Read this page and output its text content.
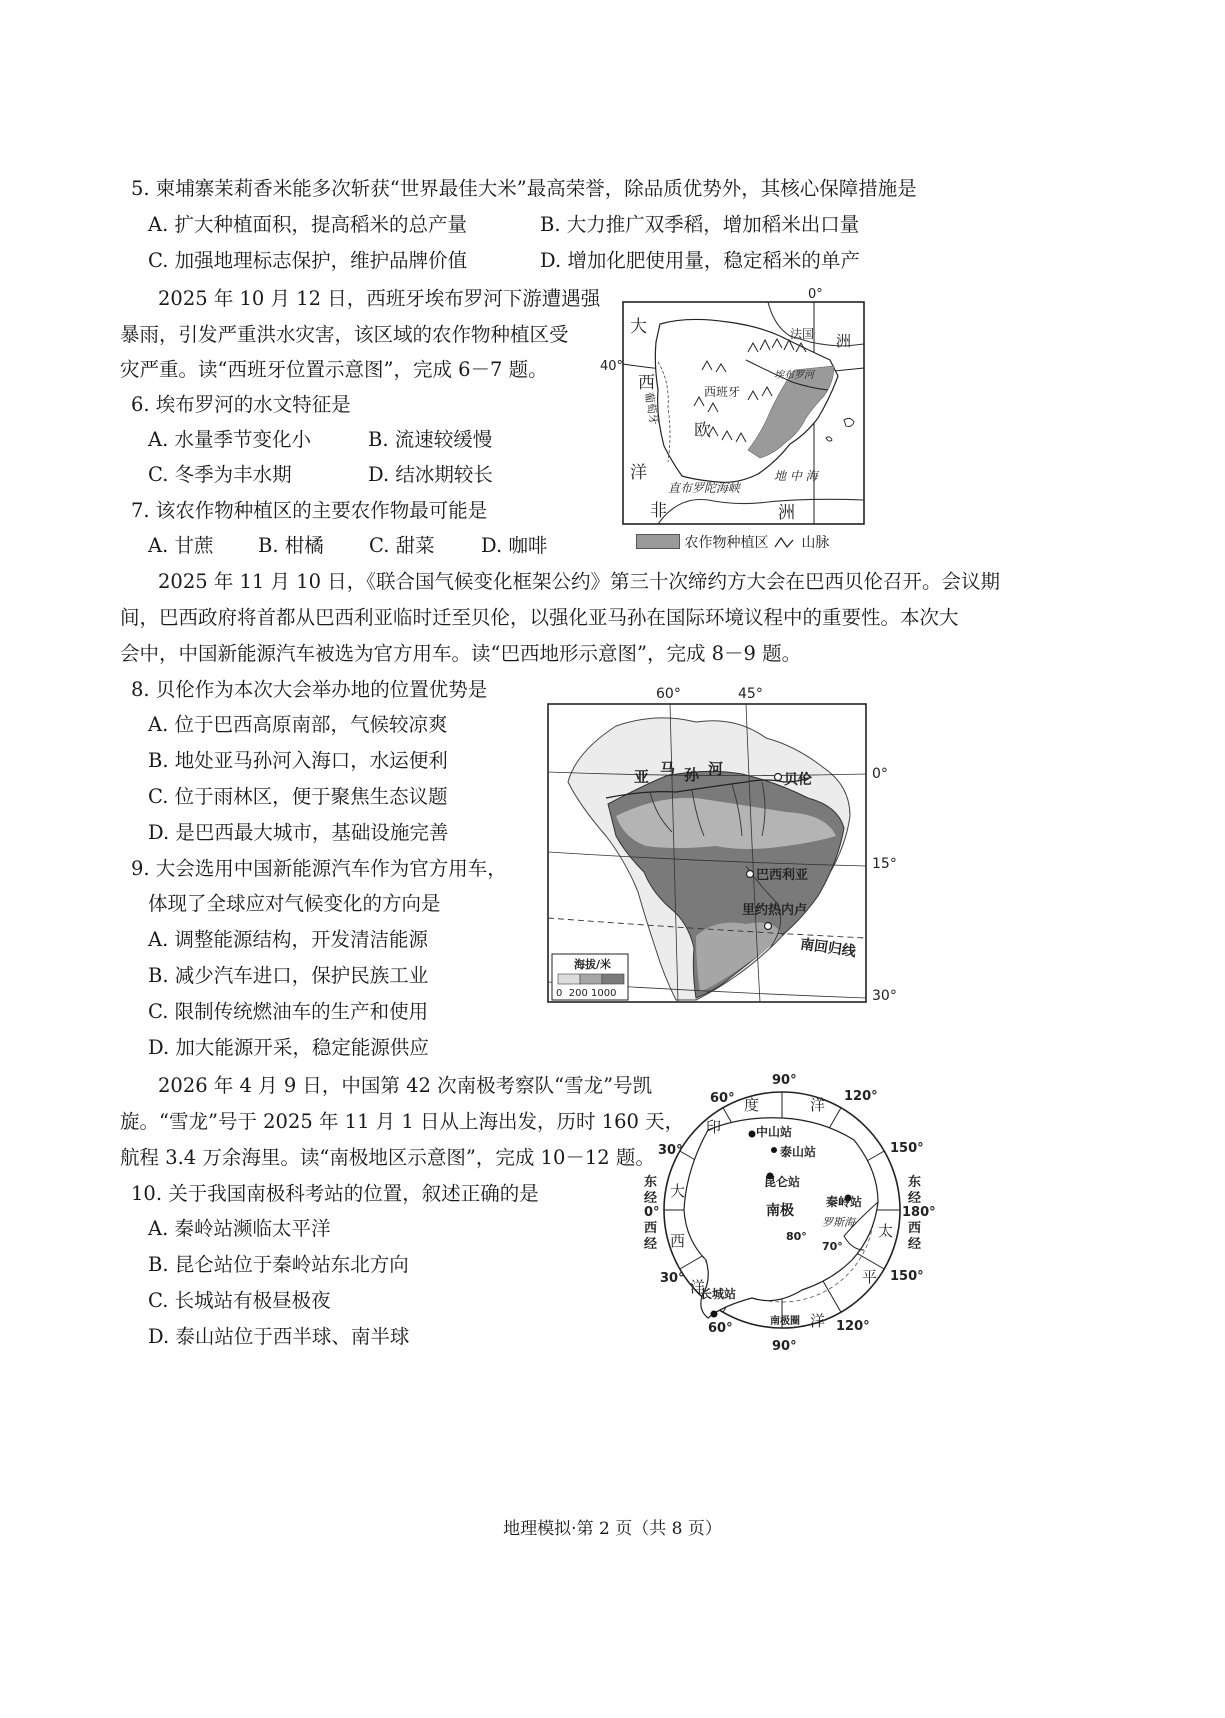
5. 柬埔寨茉莉香米能多次斩获“世界最佳大米”最高荣誉，除品质优势外，其核心保障措施是
A. 扩大种植面积，提高稻米的总产量	B. 大力推广双季稻，增加稻米出口量
C. 加强地理标志保护，维护品牌价值	D. 增加化肥使用量，稳定稻米的单产
2025 年 10 月 12 日，西班牙埃布罗河下游遭遇强
暴雨，引发严重洪水灾害，该区域的农作物种植区受
灾严重。读“西班牙位置示意图”，完成 6－7 题。
6. 埃布罗河的水文特征是
A. 水量季节变化小	B. 流速较缓慢
C. 冬季为丰水期	D. 结冰期较长
7. 该农作物种植区的主要农作物最可能是
A. 甘蔗 B. 柑橘 C. 甜菜 D. 咖啡
0°
40°
大
西
洋
葡萄牙	西班牙
法国
埃布罗河
欧
洲
地 中 海
直布罗陀海峡
非	洲
农作物种植区 山脉
2025 年 11 月 10 日，《联合国气候变化框架公约》第三十次缔约方大会在巴西贝伦召开。会议期
间，巴西政府将首都从巴西利亚临时迁至贝伦，以强化亚马孙在国际环境议程中的重要性。本次大
会中，中国新能源汽车被选为官方用车。读“巴西地形示意图”，完成 8－9 题。
8. 贝伦作为本次大会举办地的位置优势是
A. 位于巴西高原南部，气候较凉爽
B. 地处亚马孙河入海口，水运便利
C. 位于雨林区，便于聚焦生态议题
D. 是巴西最大城市，基础设施完善
9. 大会选用中国新能源汽车作为官方用车，
体现了全球应对气候变化的方向是
A. 调整能源结构，开发清洁能源
B. 减少汽车进口，保护民族工业
C. 限制传统燃油车的生产和使用
D. 加大能源开采，稳定能源供应
60°	45°
0°
15°
30°
亚 马 孙 河
贝伦
巴西利亚
里约热内卢
南回归线
海拔/米
0  200 1000
2026 年 4 月 9 日，中国第 42 次南极考察队“雪龙”号凯
旋。“雪龙”号于 2025 年 11 月 1 日从上海出发，历时 160 天，
航程 3.4 万余海里。读“南极地区示意图”，完成 10－12 题。
10. 关于我国南极科考站的位置，叙述正确的是
A. 秦岭站濒临太平洋
B. 昆仑站位于秦岭站东北方向
C. 长城站有极昼极夜
D. 泰山站位于西半球、南半球
90°
120°
60°
150°
30°
东
经
0°
西
经
东
经
180°
西
经
30°	150°
60°
90°
120°
印
度	洋
大
西
洋
太
平
洋
中山站
泰山站
昆仑站
秦岭站
长城站
南极
罗斯海
70°
80°
南极圈
地理模拟·第 2 页（共 8 页）
